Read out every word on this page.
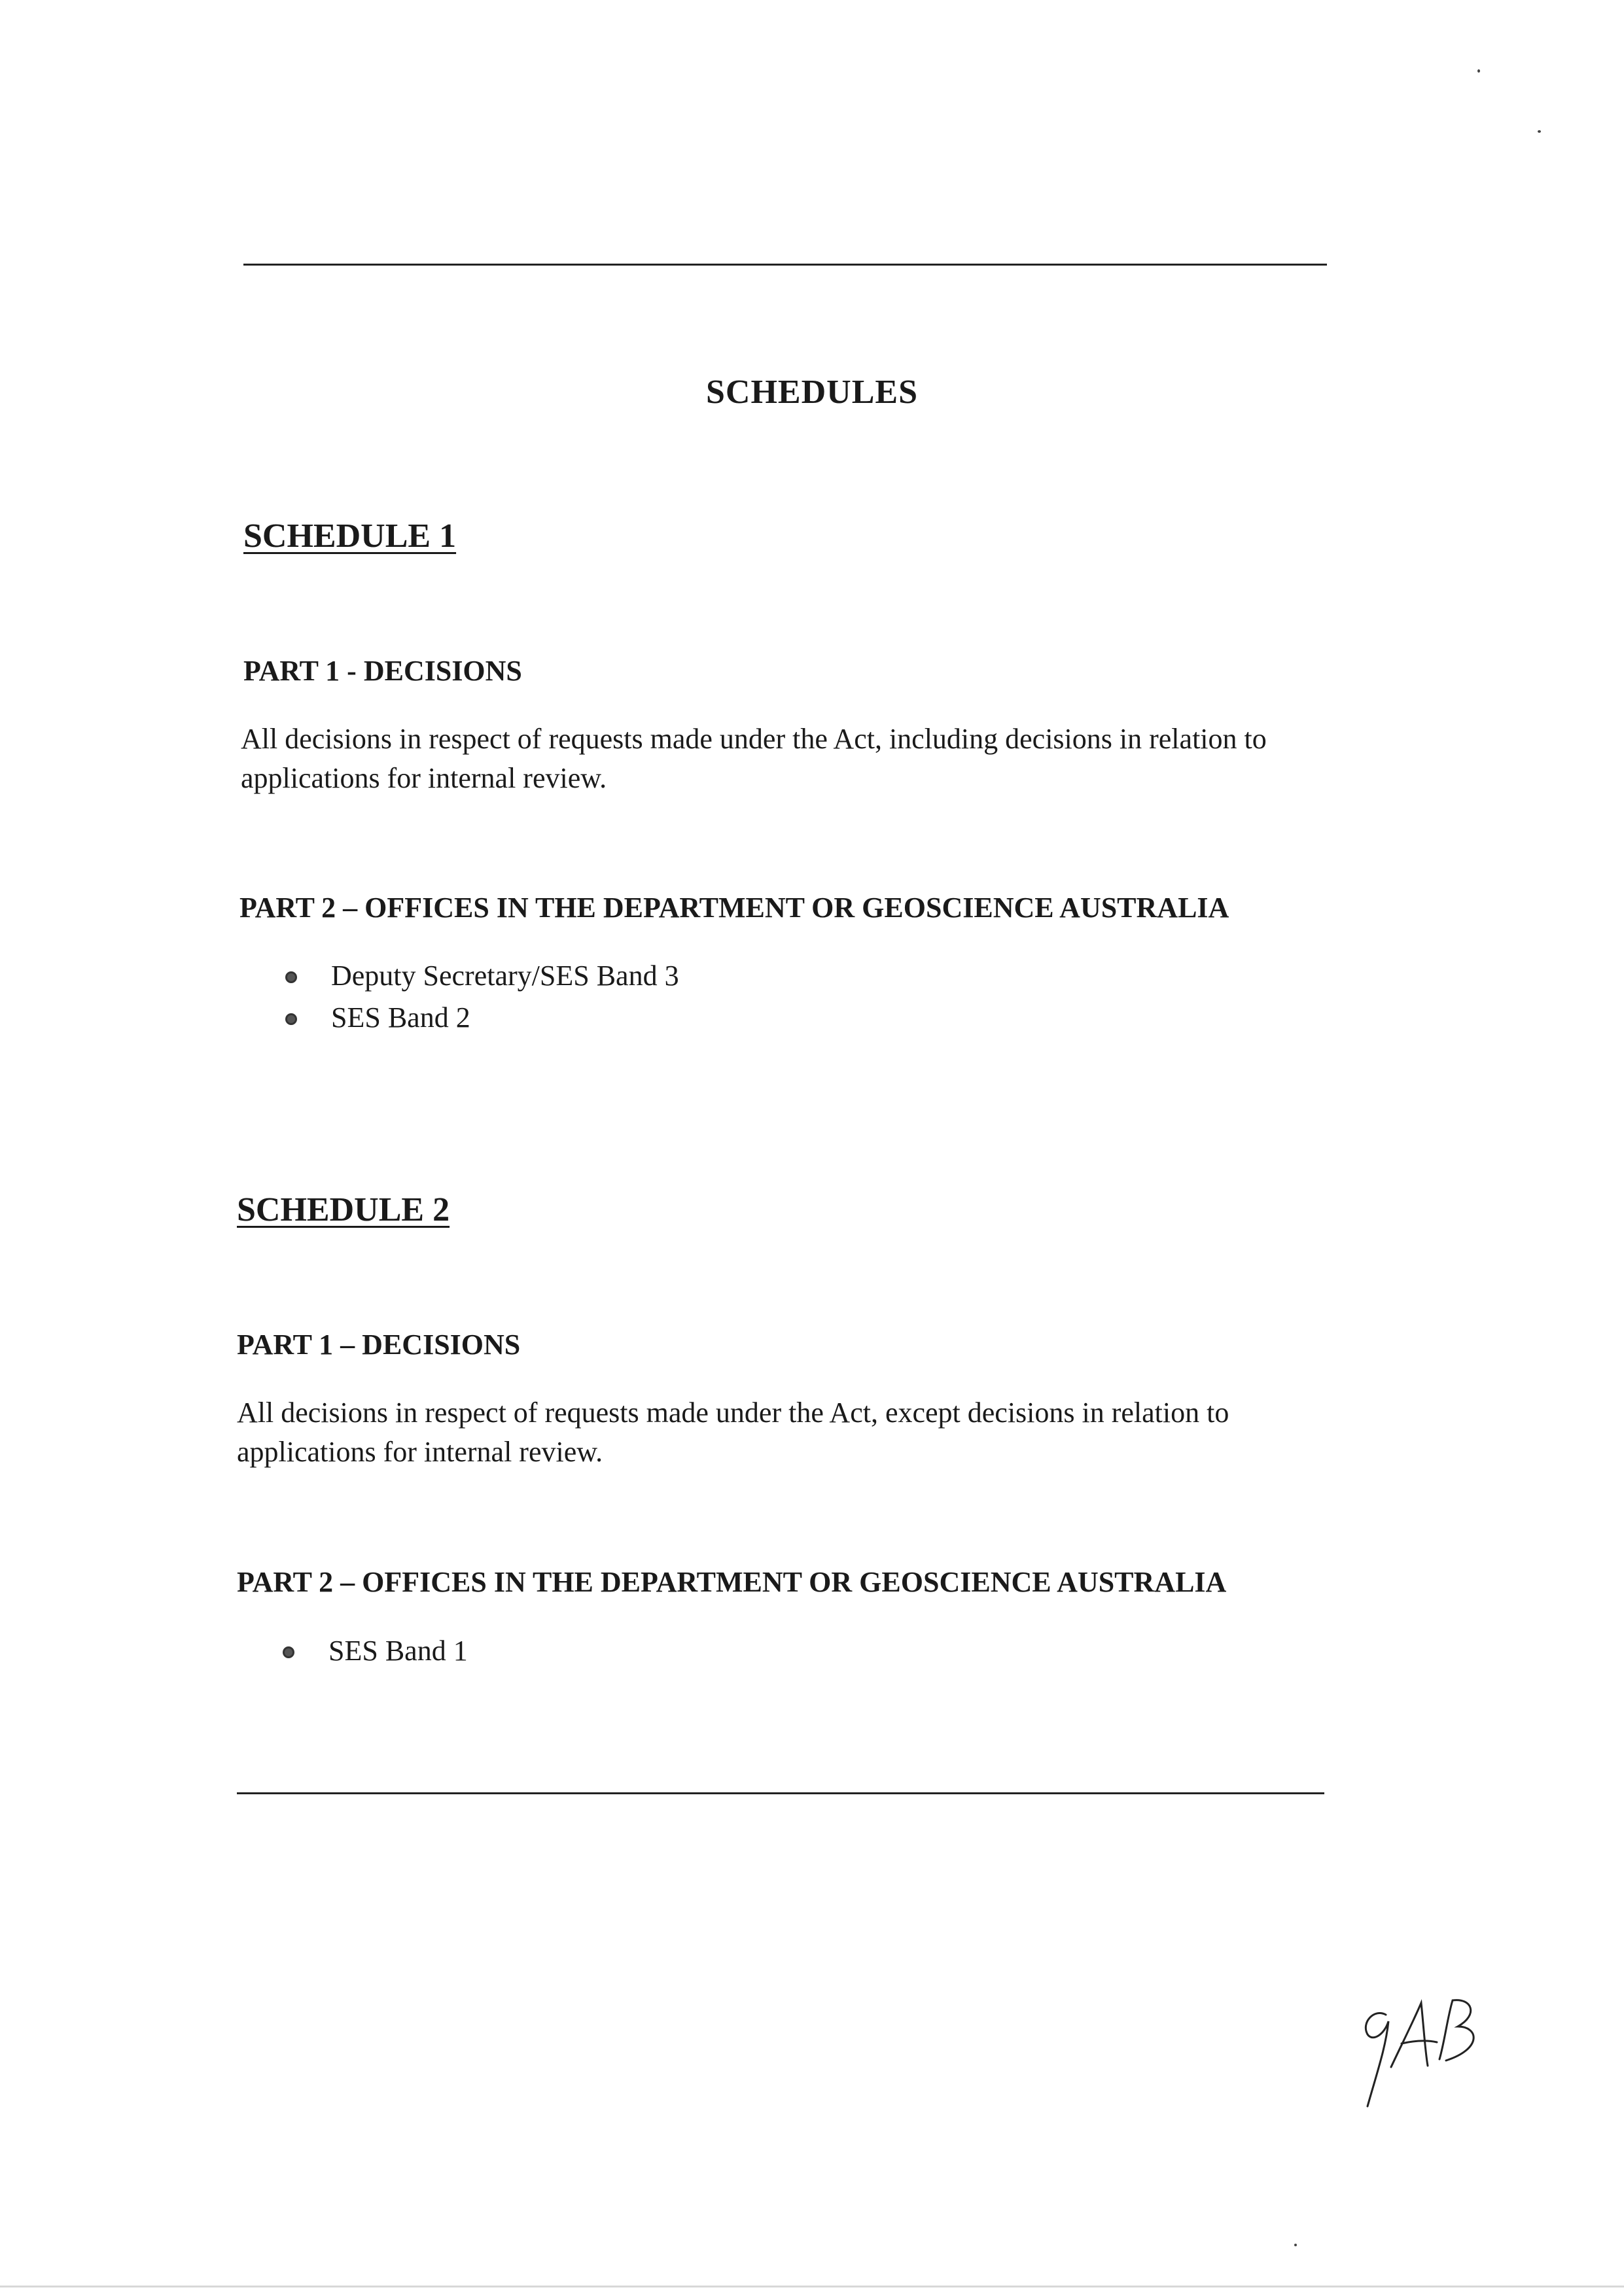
SCHEDULES
SCHEDULE 1
PART 1 - DECISIONS
All decisions in respect of requests made under the Act, including decisions in relation to
applications for internal review.
PART 2 – OFFICES IN THE DEPARTMENT OR GEOSCIENCE AUSTRALIA
Deputy Secretary/SES Band 3
SES Band 2
SCHEDULE 2
PART 1 – DECISIONS
All decisions in respect of requests made under the Act, except decisions in relation to
applications for internal review.
PART 2 – OFFICES IN THE DEPARTMENT OR GEOSCIENCE AUSTRALIA
SES Band 1
